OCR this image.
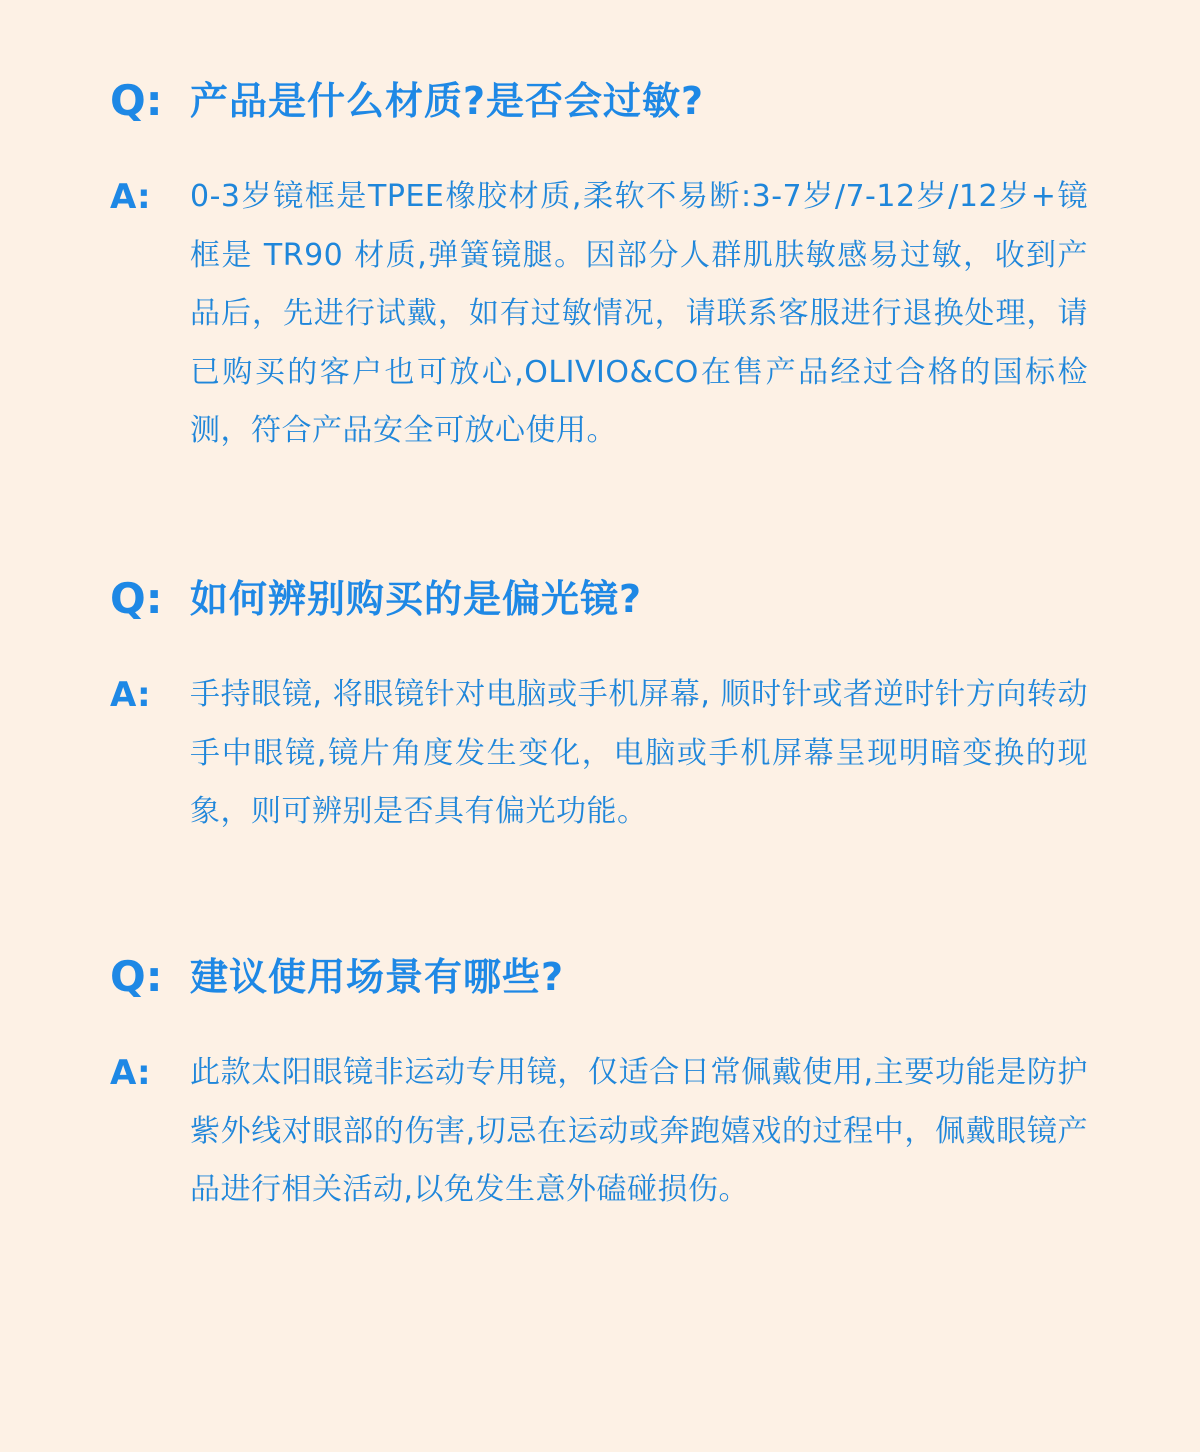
Q: 产品是什么材质?是否会过敏?
A:	0-3岁镜框是TPEE橡胶材质,柔软不易断:3-7岁/7-12岁/12岁+镜框是 TR90 材质,弹簧镜腿。因部分人群肌肤敏感易过敏，收到产品后，先进行试戴，如有过敏情况，请联系客服进行退换处理，请已购买的客户也可放心,OLIVIO&CO在售产品经过合格的国标检测，符合产品安全可放心使用。
Q: 如何辨别购买的是偏光镜?
A:	手持眼镜, 将眼镜针对电脑或手机屏幕, 顺时针或者逆时针方向转动手中眼镜,镜片角度发生变化，电脑或手机屏幕呈现明暗变换的现象，则可辨别是否具有偏光功能。
Q: 建议使用场景有哪些?
A:	此款太阳眼镜非运动专用镜，仅适合日常佩戴使用,主要功能是防护紫外线对眼部的伤害,切忌在运动或奔跑嬉戏的过程中，佩戴眼镜产品进行相关活动,以免发生意外磕碰损伤。
